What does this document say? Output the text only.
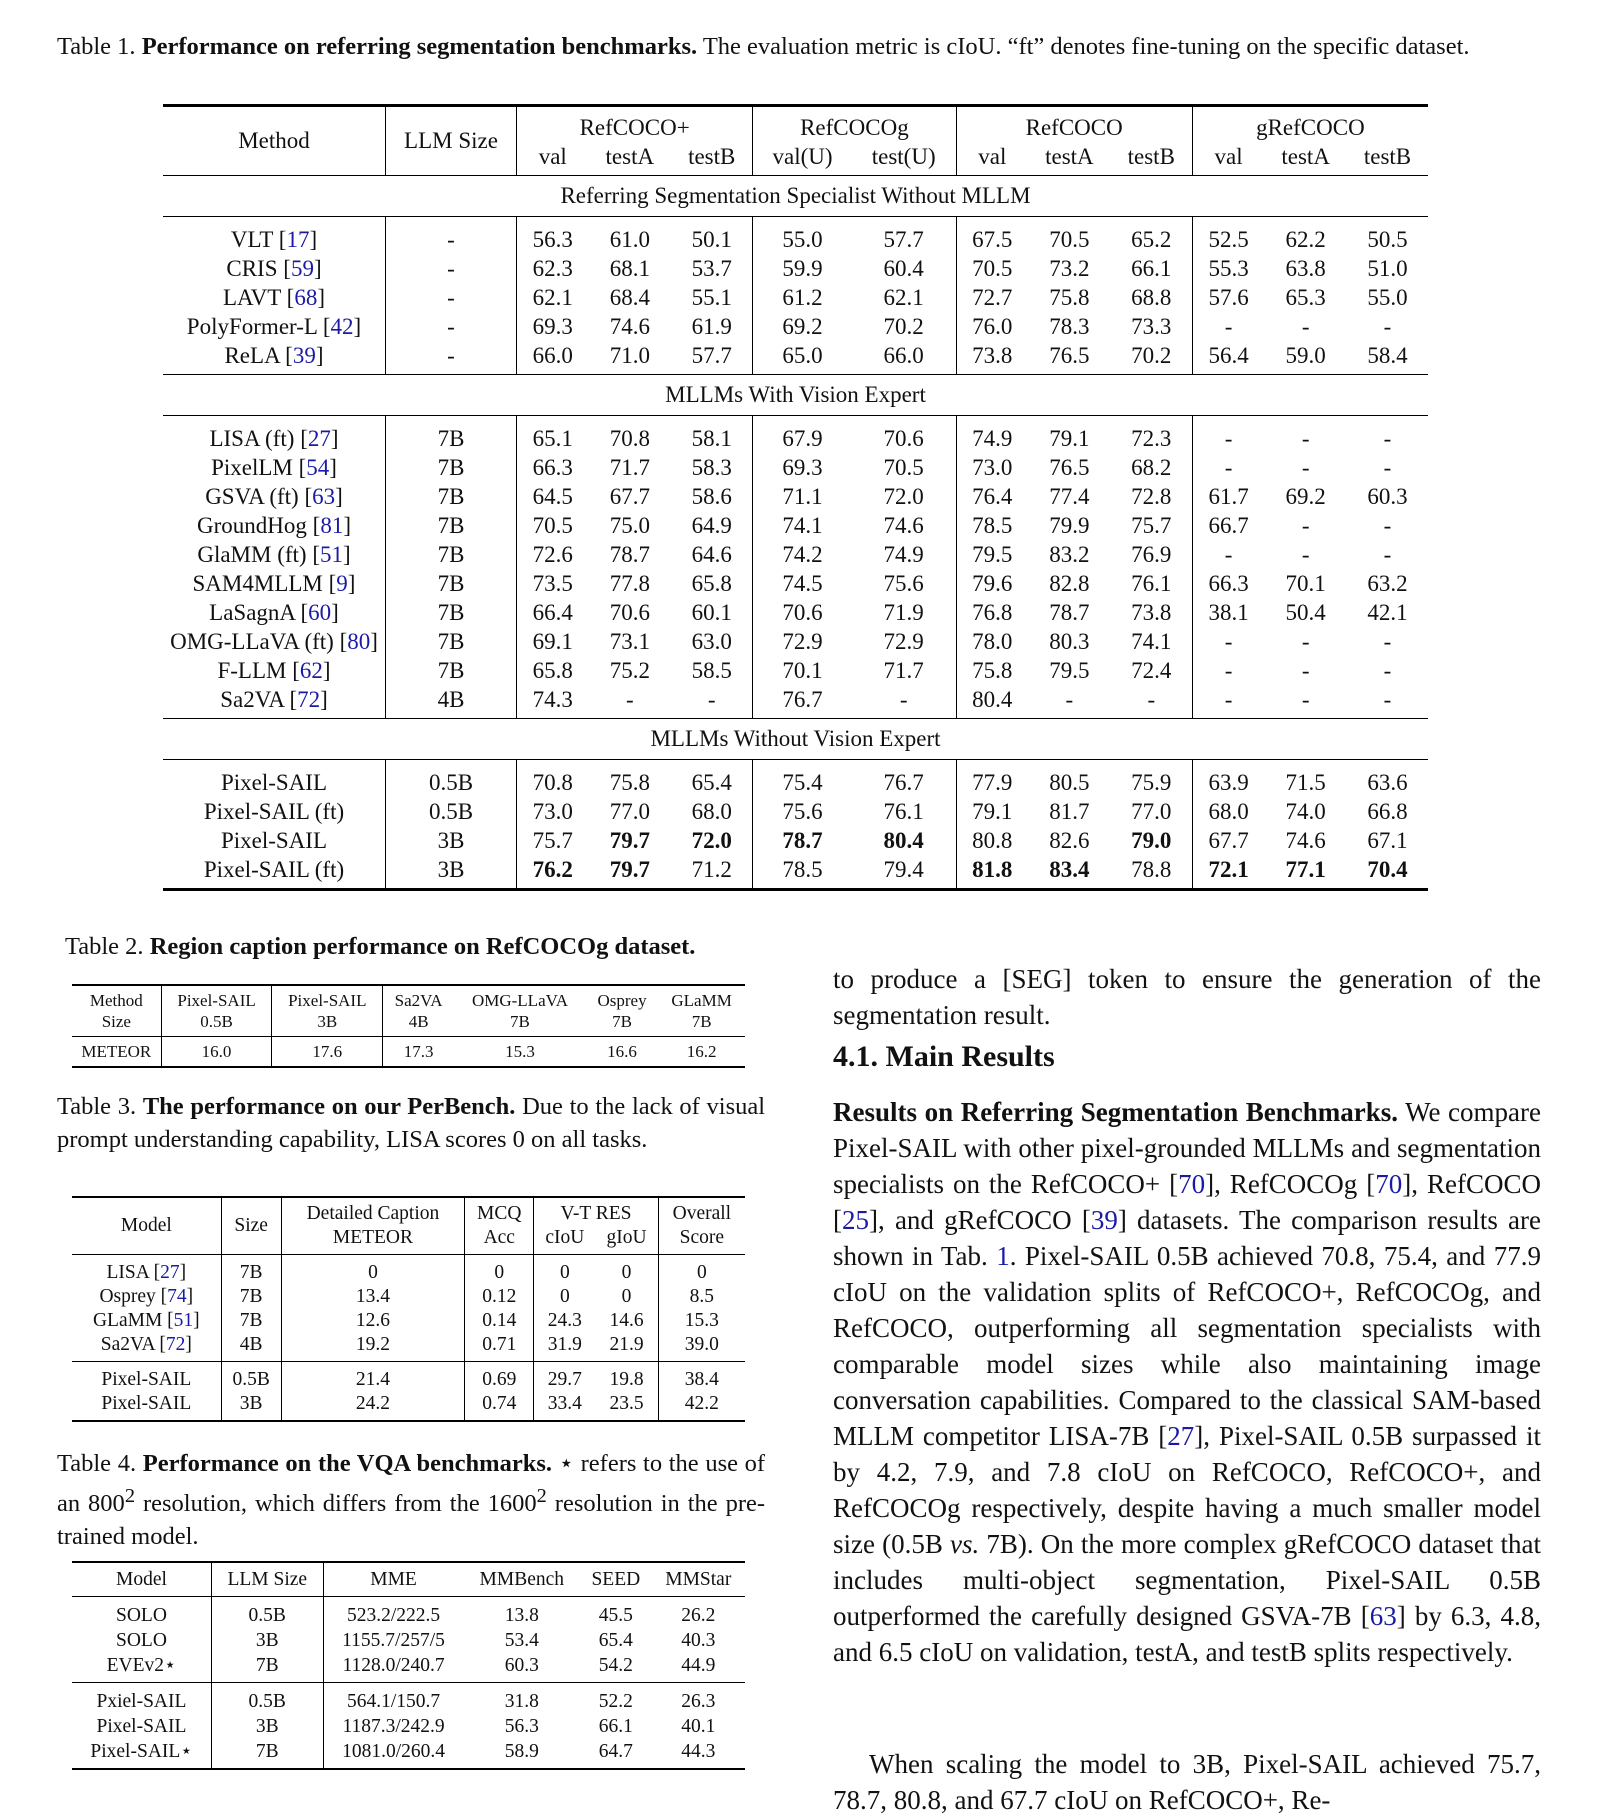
Table 1. Performance on referring segmentation benchmarks. The evaluation metric is cIoU. “ft” denotes fine-tuning on the specific dataset.
Method	LLM Size	RefCOCO+			RefCOCOg		RefCOCO			gRefCOCO		
		val	testA	testB	val(U)	test(U)	val	testA	testB	val	testA	testB
Referring Segmentation Specialist Without MLLM												
VLT [17]	-	56.3	61.0	50.1	55.0	57.7	67.5	70.5	65.2	52.5	62.2	50.5
CRIS [59]	-	62.3	68.1	53.7	59.9	60.4	70.5	73.2	66.1	55.3	63.8	51.0
LAVT [68]	-	62.1	68.4	55.1	61.2	62.1	72.7	75.8	68.8	57.6	65.3	55.0
PolyFormer-L [42]	-	69.3	74.6	61.9	69.2	70.2	76.0	78.3	73.3	-	-	-
ReLA [39]	-	66.0	71.0	57.7	65.0	66.0	73.8	76.5	70.2	56.4	59.0	58.4
MLLMs With Vision Expert												
LISA (ft) [27]	7B	65.1	70.8	58.1	67.9	70.6	74.9	79.1	72.3	-	-	-
PixelLM [54]	7B	66.3	71.7	58.3	69.3	70.5	73.0	76.5	68.2	-	-	-
GSVA (ft) [63]	7B	64.5	67.7	58.6	71.1	72.0	76.4	77.4	72.8	61.7	69.2	60.3
GroundHog [81]	7B	70.5	75.0	64.9	74.1	74.6	78.5	79.9	75.7	66.7	-	-
GlaMM (ft) [51]	7B	72.6	78.7	64.6	74.2	74.9	79.5	83.2	76.9	-	-	-
SAM4MLLM [9]	7B	73.5	77.8	65.8	74.5	75.6	79.6	82.8	76.1	66.3	70.1	63.2
LaSagnA [60]	7B	66.4	70.6	60.1	70.6	71.9	76.8	78.7	73.8	38.1	50.4	42.1
OMG-LLaVA (ft) [80]	7B	69.1	73.1	63.0	72.9	72.9	78.0	80.3	74.1	-	-	-
F-LLM [62]	7B	65.8	75.2	58.5	70.1	71.7	75.8	79.5	72.4	-	-	-
Sa2VA [72]	4B	74.3	-	-	76.7	-	80.4	-	-	-	-	-
MLLMs Without Vision Expert												
Pixel-SAIL	0.5B	70.8	75.8	65.4	75.4	76.7	77.9	80.5	75.9	63.9	71.5	63.6
Pixel-SAIL (ft)	0.5B	73.0	77.0	68.0	75.6	76.1	79.1	81.7	77.0	68.0	74.0	66.8
Pixel-SAIL	3B	75.7	79.7	72.0	78.7	80.4	80.8	82.6	79.0	67.7	74.6	67.1
Pixel-SAIL (ft)	3B	76.2	79.7	71.2	78.5	79.4	81.8	83.4	78.8	72.1	77.1	70.4
Table 2. Region caption performance on RefCOCOg dataset.
Method	Pixel-SAIL	Pixel-SAIL	Sa2VA	OMG-LLaVA	Osprey	GLaMM
Size	0.5B	3B	4B	7B	7B	7B
METEOR	16.0	17.6	17.3	15.3	16.6	16.2
Table 3. The performance on our PerBench. Due to the lack of visual prompt understanding capability, LISA scores 0 on all tasks.
Model	Size	Detailed Caption	MCQ	V-T RES		Overall
		METEOR	Acc	cIoU	gIoU	Score
LISA [27]	7B	0	0	0	0	0
Osprey [74]	7B	13.4	0.12	0	0	8.5
GLaMM [51]	7B	12.6	0.14	24.3	14.6	15.3
Sa2VA [72]	4B	19.2	0.71	31.9	21.9	39.0
Pixel-SAIL	0.5B	21.4	0.69	29.7	19.8	38.4
Pixel-SAIL	3B	24.2	0.74	33.4	23.5	42.2
Table 4. Performance on the VQA benchmarks. ⋆ refers to the use of an $800^2$ resolution, which differs from the 1600$^2$ resolution in the pre-trained model.
Model	LLM Size	MME	MMBench	SEED	MMStar
SOLO	0.5B	523.2/222.5	13.8	45.5	26.2
SOLO	3B	1155.7/257/5	53.4	65.4	40.3
EVEv2⋆	7B	1128.0/240.7	60.3	54.2	44.9
Pxiel-SAIL	0.5B	564.1/150.7	31.8	52.2	26.3
Pixel-SAIL	3B	1187.3/242.9	56.3	66.1	40.1
Pixel-SAIL⋆	7B	1081.0/260.4	58.9	64.7	44.3
to produce a [SEG] token to ensure the generation of the segmentation result.
4.1. Main Results
Results on Referring Segmentation Benchmarks. We compare Pixel-SAIL with other pixel-grounded MLLMs and segmentation specialists on the RefCOCO+ [70], RefCOCOg [70], RefCOCO [25], and gRefCOCO [39] datasets. The comparison results are shown in Tab. 1. Pixel-SAIL 0.5B achieved 70.8, 75.4, and 77.9 cIoU on the validation splits of RefCOCO+, RefCOCOg, and RefCOCO, outperforming all segmentation specialists with comparable model sizes while also maintaining image conversation capabilities. Compared to the classical SAM-based MLLM competitor LISA-7B [27], Pixel-SAIL 0.5B surpassed it by 4.2, 7.9, and 7.8 cIoU on RefCOCO, RefCOCO+, and RefCOCOg respectively, despite having a much smaller model size (0.5B vs. 7B). On the more complex gRefCOCO dataset that includes multi-object segmentation, Pixel-SAIL 0.5B outperformed the carefully designed GSVA-7B [63] by 6.3, 4.8, and 6.5 cIoU on validation, testA, and testB splits respectively.
When scaling the model to 3B, Pixel-SAIL achieved 75.7, 78.7, 80.8, and 67.7 cIoU on RefCOCO+, Re-
